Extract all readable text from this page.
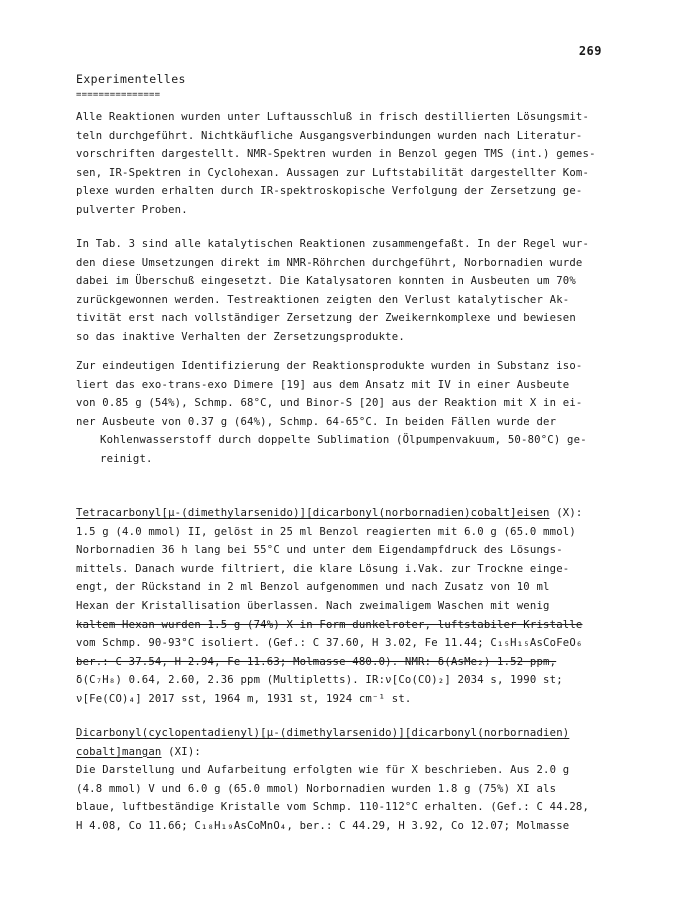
269
Experimentelles
===============
Alle Reaktionen wurden unter Luftausschluß in frisch destillierten Lösungsmit-
teln durchgeführt. Nichtkäufliche Ausgangsverbindungen wurden nach Literatur-
vorschriften dargestellt. NMR-Spektren wurden in Benzol gegen TMS (int.) gemes-
sen, IR-Spektren in Cyclohexan. Aussagen zur Luftstabilität dargestellter Kom-
plexe wurden erhalten durch IR-spektroskopische Verfolgung der Zersetzung ge-
pulverter Proben.
In Tab. 3 sind alle katalytischen Reaktionen zusammengefaßt. In der Regel wur-
den diese Umsetzungen direkt im NMR-Röhrchen durchgeführt, Norbornadien wurde
dabei im Überschuß eingesetzt. Die Katalysatoren konnten in Ausbeuten um 70%
zurückgewonnen werden. Testreaktionen zeigten den Verlust katalytischer Ak-
tivität erst nach vollständiger Zersetzung der Zweikernkomplexe und bewiesen
so das inaktive Verhalten der Zersetzungsprodukte.
Zur eindeutigen Identifizierung der Reaktionsprodukte wurden in Substanz iso-
liert das exo-trans-exo Dimere [19] aus dem Ansatz mit IV in einer Ausbeute
von 0.85 g (54%), Schmp. 68°C, und Binor-S [20] aus der Reaktion mit X in ei-
ner Ausbeute von 0.37 g (64%), Schmp. 64-65°C. In beiden Fällen wurde der
Kohlenwasserstoff durch doppelte Sublimation (Ölpumpenvakuum, 50-80°C) ge-
reinigt.
Tetracarbonyl[μ-(dimethylarsenido)][dicarbonyl(norbornadien)cobalt]eisen (X):
1.5 g (4.0 mmol) II, gelöst in 25 ml Benzol reagierten mit 6.0 g (65.0 mmol)
Norbornadien 36 h lang bei 55°C und unter dem Eigendampfdruck des Lösungs-
mittels. Danach wurde filtriert, die klare Lösung i.Vak. zur Trockne einge-
engt, der Rückstand in 2 ml Benzol aufgenommen und nach Zusatz von 10 ml
Hexan der Kristallisation überlassen. Nach zweimaligem Waschen mit wenig
kaltem Hexan wurden 1.5 g (74%) X in Form dunkelroter, luftstabiler Kristalle
vom Schmp. 90-93°C isoliert. (Gef.: C 37.60, H 3.02, Fe 11.44; C₁₅H₁₅AsCoFeO₆
ber.: C 37.54, H 2.94, Fe 11.63; Molmasse 480.0). NMR: δ(AsMe₂) 1.52 ppm,
δ(C₇H₈) 0.64, 2.60, 2.36 ppm (Multipletts). IR:ν[Co(CO)₂] 2034 s, 1990 st;
ν[Fe(CO)₄] 2017 sst, 1964 m, 1931 st, 1924 cm⁻¹ st.
Dicarbonyl(cyclopentadienyl)[μ-(dimethylarsenido)][dicarbonyl(norbornadien)
cobalt]mangan (XI):
Die Darstellung und Aufarbeitung erfolgten wie für X beschrieben. Aus 2.0 g
(4.8 mmol) V und 6.0 g (65.0 mmol) Norbornadien wurden 1.8 g (75%) XI als
blaue, luftbeständige Kristalle vom Schmp. 110-112°C erhalten. (Gef.: C 44.28,
H 4.08, Co 11.66; C₁₈H₁₉AsCoMnO₄, ber.: C 44.29, H 3.92, Co 12.07; Molmasse
